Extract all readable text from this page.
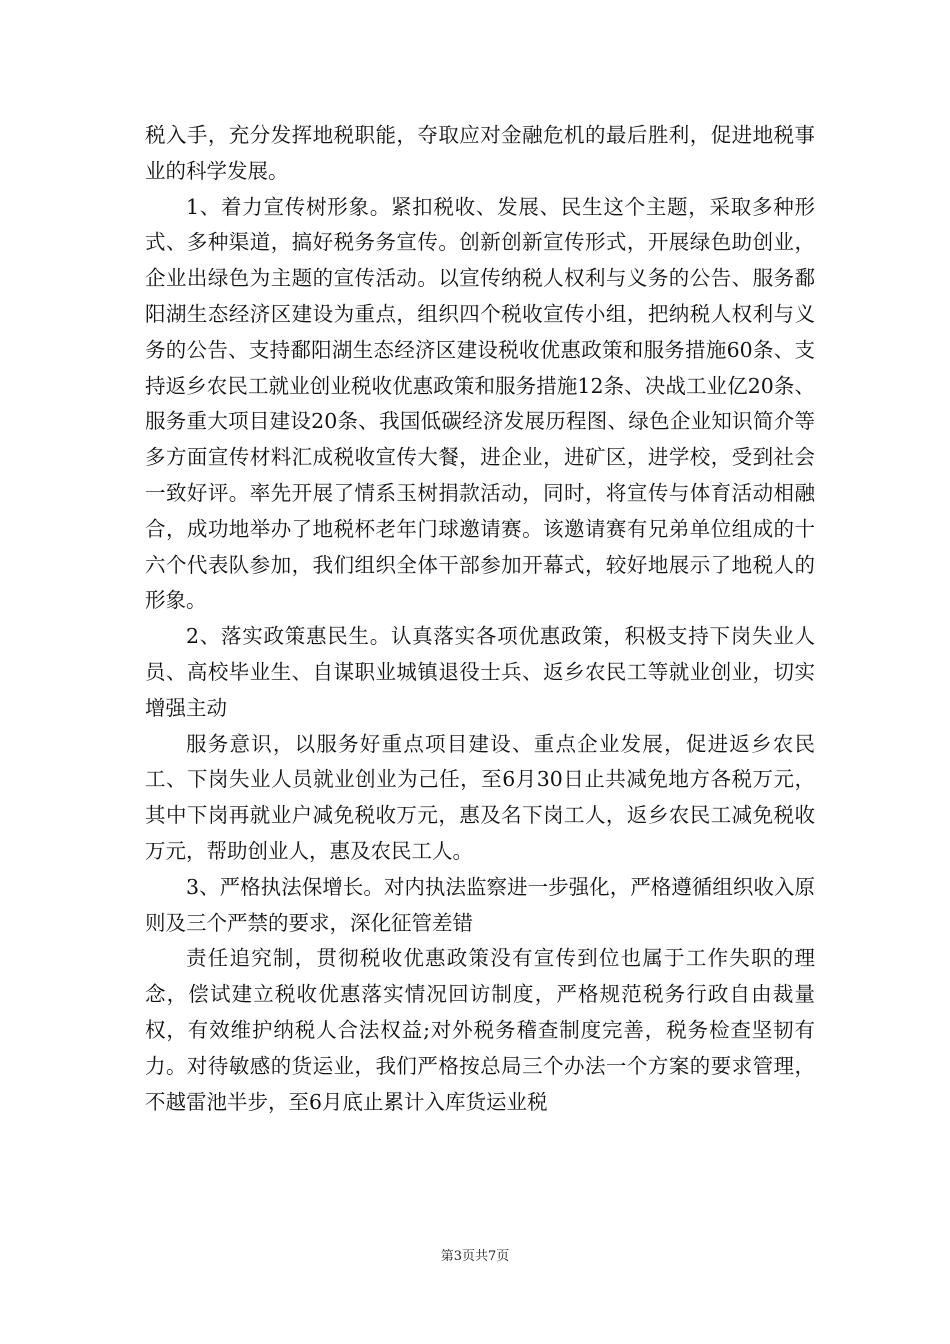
税入手，充分发挥地税职能，夺取应对金融危机的最后胜利，促进地税事业的科学发展。

1、着力宣传树形象。紧扣税收、发展、民生这个主题，采取多种形式、多种渠道，搞好税务务宣传。创新创新宣传形式，开展绿色助创业，企业出绿色为主题的宣传活动。以宣传纳税人权利与义务的公告、服务鄱阳湖生态经济区建设为重点，组织四个税收宣传小组，把纳税人权利与义务的公告、支持鄱阳湖生态经济区建设税收优惠政策和服务措施60条、支持返乡农民工就业创业税收优惠政策和服务措施12条、决战工业亿20条、服务重大项目建设20条、我国低碳经济发展历程图、绿色企业知识简介等多方面宣传材料汇成税收宣传大餐，进企业，进矿区，进学校，受到社会一致好评。率先开展了情系玉树捐款活动，同时，将宣传与体育活动相融合，成功地举办了地税杯老年门球邀请赛。该邀请赛有兄弟单位组成的十六个代表队参加，我们组织全体干部参加开幕式，较好地展示了地税人的形象。

2、落实政策惠民生。认真落实各项优惠政策，积极支持下岗失业人员、高校毕业生、自谋职业城镇退役士兵、返乡农民工等就业创业，切实增强主动

服务意识，以服务好重点项目建设、重点企业发展，促进返乡农民工、下岗失业人员就业创业为己任，至6月30日止共减免地方各税万元，其中下岗再就业户减免税收万元，惠及名下岗工人，返乡农民工减免税收万元，帮助创业人，惠及农民工人。

3、严格执法保增长。对内执法监察进一步强化，严格遵循组织收入原则及三个严禁的要求，深化征管差错

责任追究制，贯彻税收优惠政策没有宣传到位也属于工作失职的理念，偿试建立税收优惠落实情况回访制度，严格规范税务行政自由裁量权，有效维护纳税人合法权益;对外税务稽查制度完善，税务检查坚韧有力。对待敏感的货运业，我们严格按总局三个办法一个方案的要求管理，不越雷池半步，至6月底止累计入库货运业税

第3页共7页
